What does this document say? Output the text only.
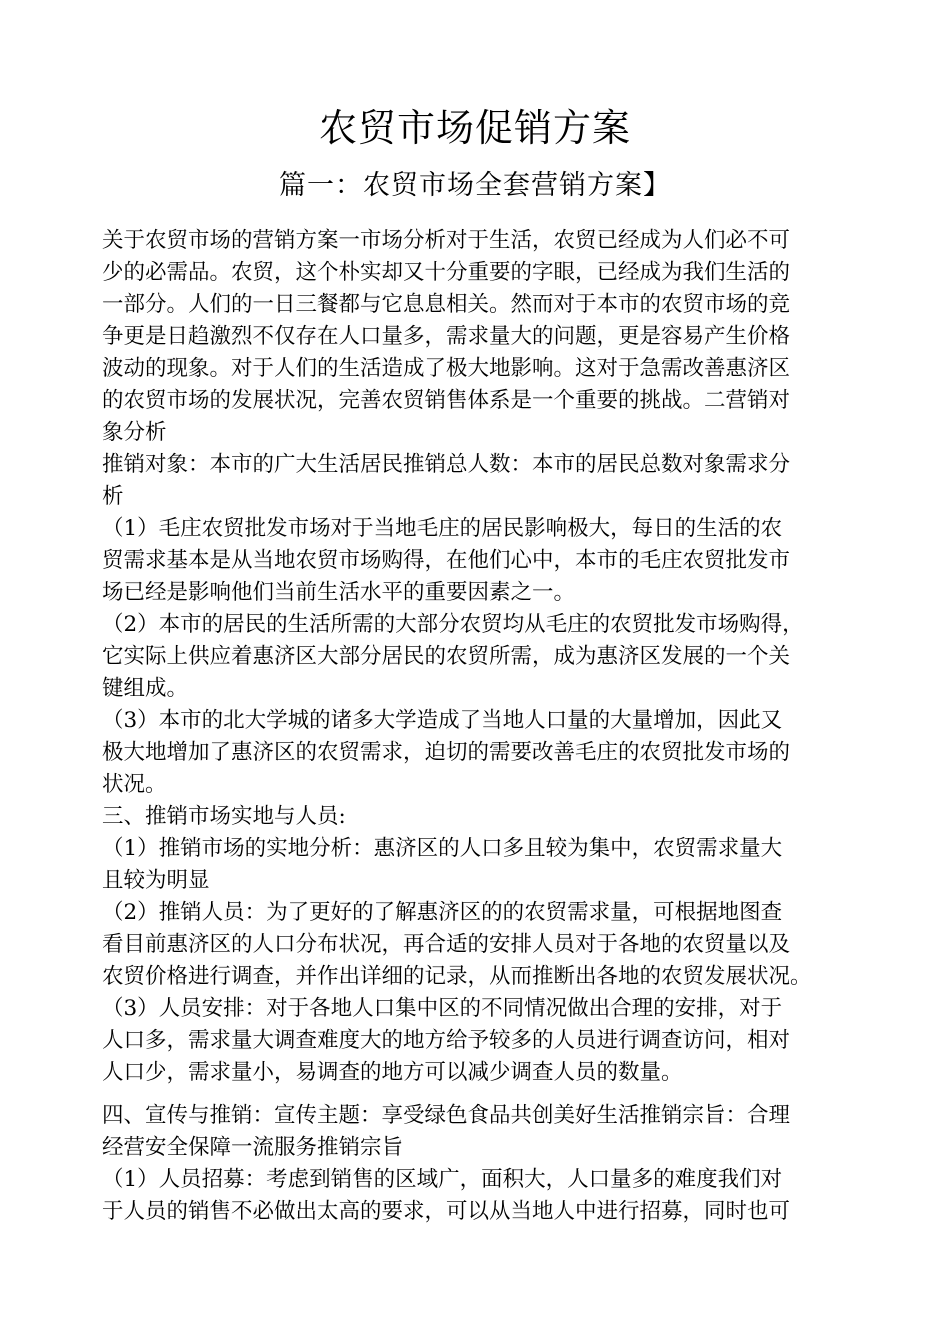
农贸市场促销方案
篇一：农贸市场全套营销方案】
关于农贸市场的营销方案一市场分析对于生活，农贸已经成为人们必不可
少的必需品。农贸，这个朴实却又十分重要的字眼，已经成为我们生活的
一部分。人们的一日三餐都与它息息相关。然而对于本市的农贸市场的竞
争更是日趋激烈不仅存在人口量多，需求量大的问题，更是容易产生价格
波动的现象。对于人们的生活造成了极大地影响。这对于急需改善惠济区
的农贸市场的发展状况，完善农贸销售体系是一个重要的挑战。二营销对
象分析
推销对象：本市的广大生活居民推销总人数：本市的居民总数对象需求分
析
（1）毛庄农贸批发市场对于当地毛庄的居民影响极大，每日的生活的农
贸需求基本是从当地农贸市场购得，在他们心中，本市的毛庄农贸批发市
场已经是影响他们当前生活水平的重要因素之一。
（2）本市的居民的生活所需的大部分农贸均从毛庄的农贸批发市场购得，
它实际上供应着惠济区大部分居民的农贸所需，成为惠济区发展的一个关
键组成。
（3）本市的北大学城的诸多大学造成了当地人口量的大量增加，因此又
极大地增加了惠济区的农贸需求，迫切的需要改善毛庄的农贸批发市场的
状况。
三、推销市场实地与人员:
（1）推销市场的实地分析：惠济区的人口多且较为集中，农贸需求量大
且较为明显
（2）推销人员：为了更好的了解惠济区的的农贸需求量，可根据地图查
看目前惠济区的人口分布状况，再合适的安排人员对于各地的农贸量以及
农贸价格进行调查，并作出详细的记录，从而推断出各地的农贸发展状况。
（3）人员安排：对于各地人口集中区的不同情况做出合理的安排，对于
人口多，需求量大调查难度大的地方给予较多的人员进行调查访问，相对
人口少，需求量小，易调查的地方可以减少调查人员的数量。
四、宣传与推销：宣传主题：享受绿色食品共创美好生活推销宗旨：合理
经营安全保障一流服务推销宗旨
（1）人员招募：考虑到销售的区域广，面积大，人口量多的难度我们对
于人员的销售不必做出太高的要求，可以从当地人中进行招募，同时也可
